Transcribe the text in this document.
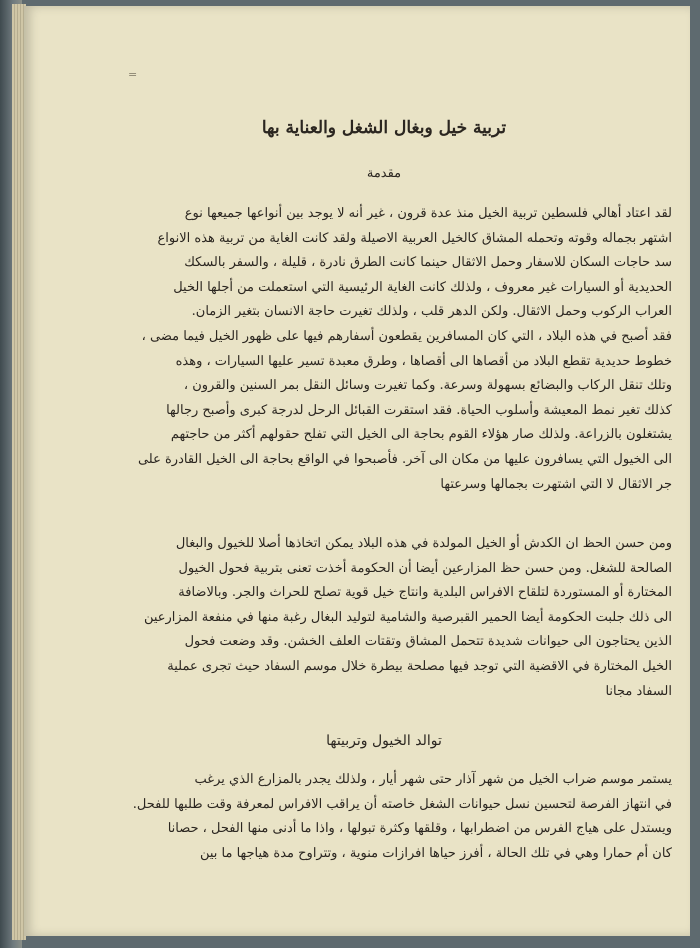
=
تربية خيل وبغال الشغل والعناية بها
مقدمة
لقد اعتاد أهالي فلسطين تربية الخيل منذ عدة قرون ، غير أنه لا يوجد بين أنواعها جميعها نوع
اشتهر بجماله وقوته وتحمله المشاق كالخيل العربية الاصيلة ولقد كانت الغاية من تربية هذه الانواع
سد حاجات السكان للاسفار وحمل الاثقال حينما كانت الطرق نادرة ، قليلة ، والسفر بالسكك
الحديدية أو السيارات غير معروف ، ولذلك كانت الغاية الرئيسية التي استعملت من أجلها الخيل
العراب الركوب وحمل الاثقال. ولكن الدهر قلب ، ولذلك تغيرت حاجة الانسان بتغير الزمان.
فقد أصبح في هذه البلاد ، التي كان المسافرين يقطعون أسفارهم فيها على ظهور الخيل فيما مضى ،
خطوط حديدية تقطع البلاد من أقصاها الى أقصاها ، وطرق معبدة تسير عليها السيارات ، وهذه
وتلك تنقل الركاب والبضائع بسهولة وسرعة. وكما تغيرت وسائل النقل بمر السنين والقرون ،
كذلك تغير نمط المعيشة وأسلوب الحياة. فقد استقرت القبائل الرحل لدرجة كبرى وأصبح رجالها
يشتغلون بالزراعة. ولذلك صار هؤلاء القوم بحاجة الى الخيل التي تفلح حقولهم أكثر من حاجتهم
الى الخيول التي يسافرون عليها من مكان الى آخر. فأصبحوا في الواقع بحاجة الى الخيل القادرة على
جر الاثقال لا التي اشتهرت بجمالها وسرعتها
ومن حسن الحظ ان الكدش أو الخيل المولدة في هذه البلاد يمكن اتخاذها أصلا للخيول والبغال
الصالحة للشغل. ومن حسن حظ المزارعين أيضا أن الحكومة أخذت تعنى بتربية فحول الخيول
المختارة أو المستوردة لتلقاح الافراس البلدية وانتاج خيل قوية تصلح للحراث والجر. وبالاضافة
الى ذلك جلبت الحكومة أيضا الحمير القبرصية والشامية لتوليد البغال رغبة منها في منفعة المزارعين
الذين يحتاجون الى حيوانات شديدة تتحمل المشاق وتقتات العلف الخشن. وقد وضعت فحول
الخيل المختارة في الاقضية التي توجد فيها مصلحة بيطرة خلال موسم السفاد حيث تجرى عملية
السفاد مجانا
توالد الخيول وتربيتها
يستمر موسم ضراب الخيل من شهر آذار حتى شهر أيار ، ولذلك يجدر بالمزارع الذي يرغب
في انتهاز الفرصة لتحسين نسل حيوانات الشغل خاصته أن يراقب الافراس لمعرفة وقت طلبها للفحل.
ويستدل على هياج الفرس من اضطرابها ، وقلقها وكثرة تبولها ، واذا ما أدنى منها الفحل ، حصانا
كان أم حمارا وهي في تلك الحالة ، أفرز حياها افرازات منوية ، وتتراوح مدة هياجها ما بين
